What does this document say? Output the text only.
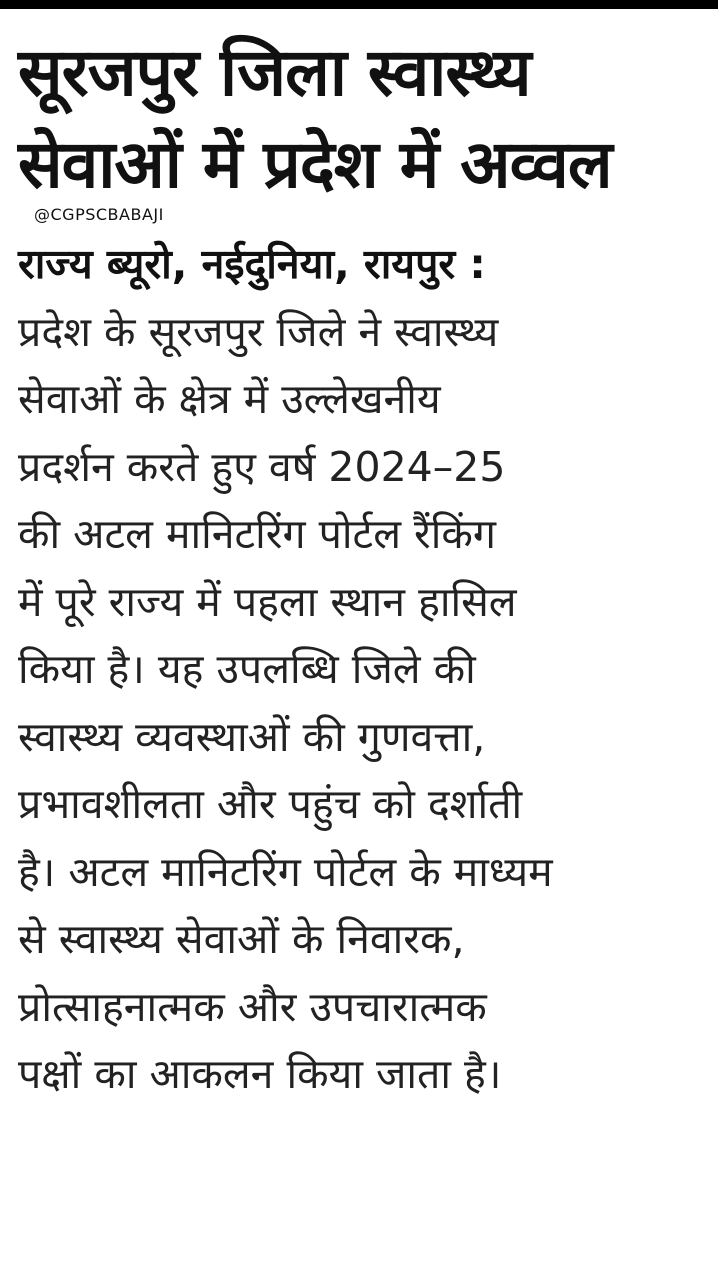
सूरजपुर जिला स्वास्थ्य
सेवाओं में प्रदेश में अव्वल
@CGPSCBABAJI
राज्य ब्यूरो, नईदुनिया, रायपुर :
प्रदेश के सूरजपुर जिले ने स्वास्थ्य
सेवाओं के क्षेत्र में उल्लेखनीय
प्रदर्शन करते हुए वर्ष 2024–25
की अटल मानिटरिंग पोर्टल रैंकिंग
में पूरे राज्य में पहला स्थान हासिल
किया है। यह उपलब्धि जिले की
स्वास्थ्य व्यवस्थाओं की गुणवत्ता,
प्रभावशीलता और पहुंच को दर्शाती
है। अटल मानिटरिंग पोर्टल के माध्यम
से स्वास्थ्य सेवाओं के निवारक,
प्रोत्साहनात्मक और उपचारात्मक
पक्षों का आकलन किया जाता है।
